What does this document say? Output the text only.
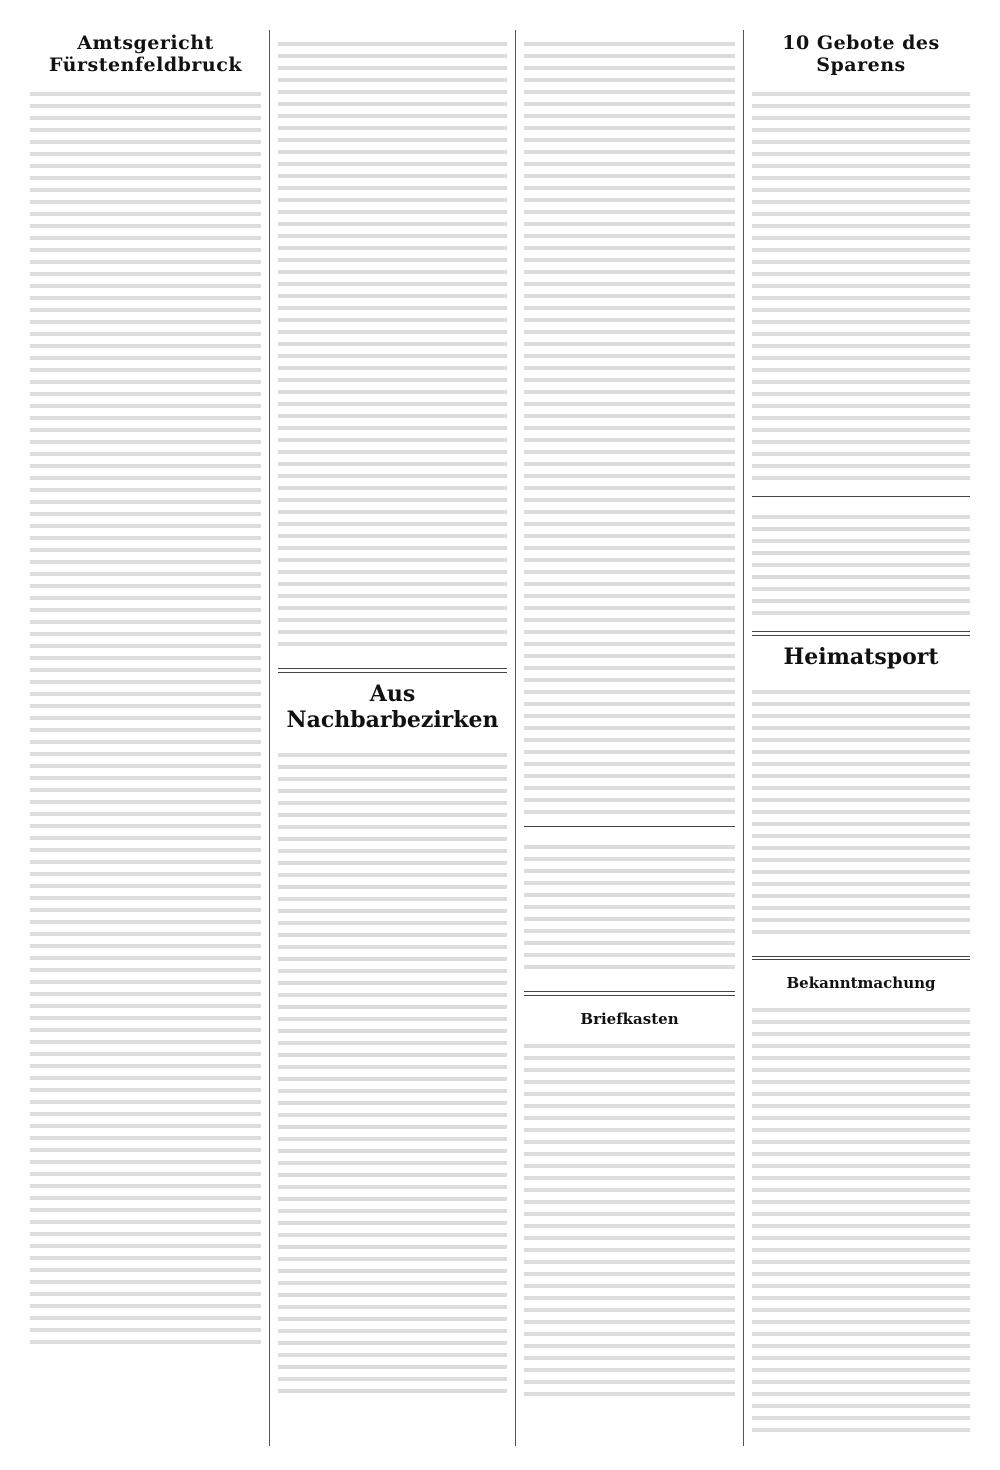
Amtsgericht Fürstenfeldbruck
Aus Nachbarbezirken
Briefkasten
10 Gebote des Sparens
Heimatsport
Bekanntmachung
